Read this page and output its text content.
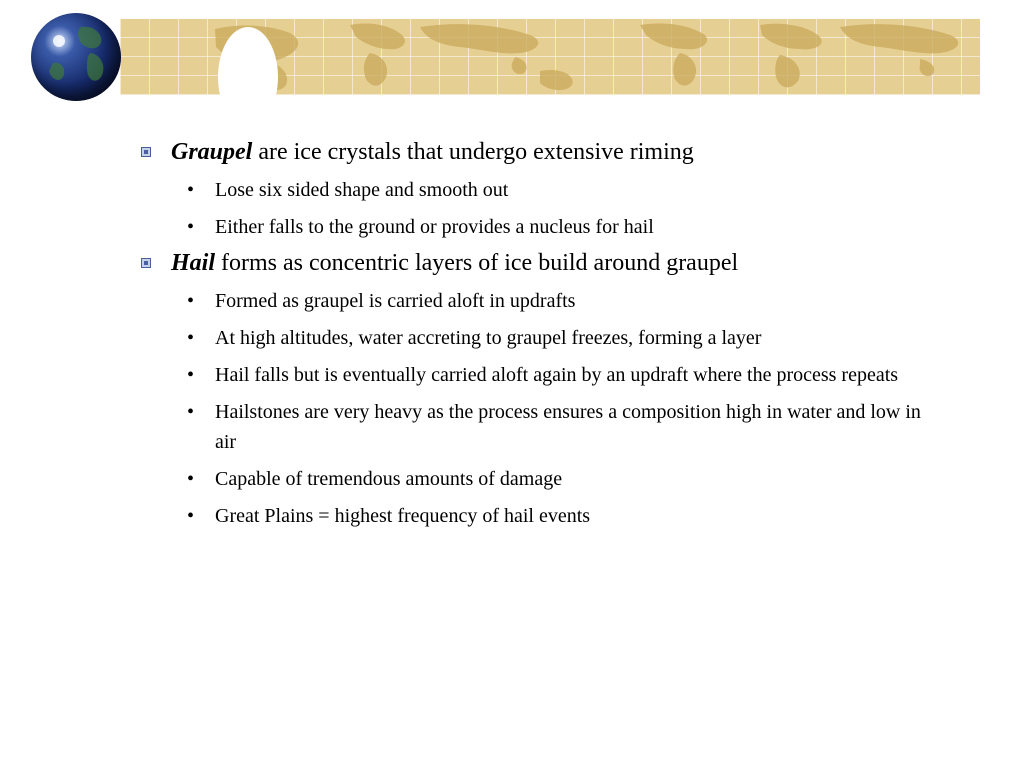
Graupel are ice crystals that undergo extensive riming
• Lose six sided shape and smooth out
• Either falls to the ground or provides a nucleus for hail
Hail forms as concentric layers of ice build around graupel
• Formed as graupel is carried aloft in updrafts
• At high altitudes, water accreting to graupel freezes, forming a layer
• Hail falls but is eventually carried aloft again by an updraft where the process repeats
• Hailstones are very heavy as the process ensures a composition high in water and low in air
• Capable of tremendous amounts of damage
• Great Plains = highest frequency of hail events
